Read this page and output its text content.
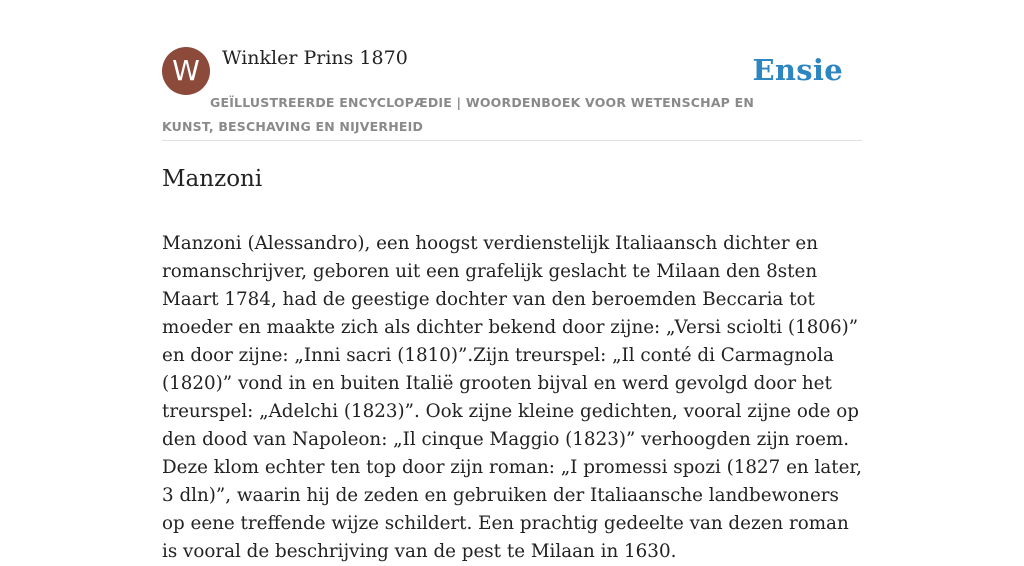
W	Winkler Prins 1870	Ensie
GEÏLLUSTREERDE ENCYCLOPÆDIE | WOORDENBOEK VOOR WETENSCHAP EN KUNST, BESCHAVING EN NIJVERHEID
Manzoni

Manzoni (Alessandro), een hoogst verdienstelijk Italiaansch dichter en romanschrijver, geboren uit een grafelijk geslacht te Milaan den 8sten Maart 1784, had de geestige dochter van den beroemden Beccaria tot moeder en maakte zich als dichter bekend door zijne: „Versi sciolti (1806)” en door zijne: „Inni sacri (1810)”.Zijn treurspel: „Il conté di Carmagnola (1820)” vond in en buiten Italië grooten bijval en werd gevolgd door het treurspel: „Adelchi (1823)”. Ook zijne kleine gedichten, vooral zijne ode op den dood van Napoleon: „Il cinque Maggio (1823)” verhoogden zijn roem. Deze klom echter ten top door zijn roman: „I promessi spozi (1827 en later, 3 dln)”, waarin hij de zeden en gebruiken der Italiaansche landbewoners op eene treffende wijze schildert. Een prachtig gedeelte van dezen roman is vooral de beschrijving van de pest te Milaan in 1630.
